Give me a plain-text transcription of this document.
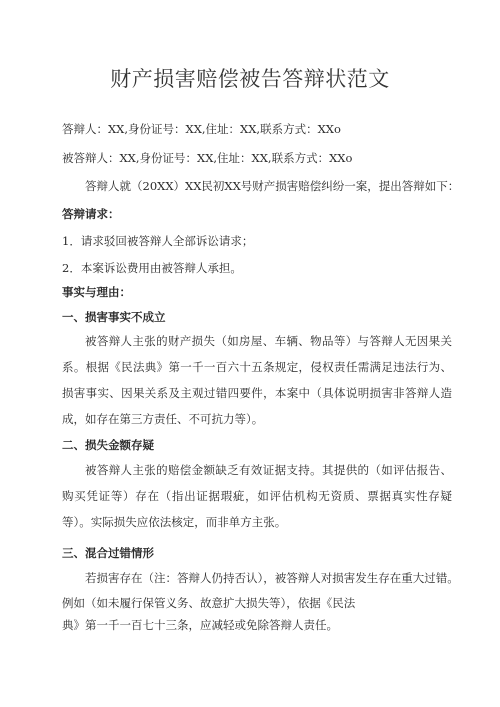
财产损害赔偿被告答辩状范文
答辩人：XX,身份证号：XX,住址：XX,联系方式：XXo
被答辩人：XX,身份证号：XX,住址：XX,联系方式：XXo
答辩人就（20XX）XX民初XX号财产损害赔偿纠纷一案，提出答辩如下：
答辩请求：
1．请求驳回被答辩人全部诉讼请求；
2．本案诉讼费用由被答辩人承担。
事实与理由：
一、损害事实不成立
被答辩人主张的财产损失（如房屋、车辆、物品等）与答辩人无因果关系。根据《民法典》第一千一百六十五条规定，侵权责任需满足违法行为、损害事实、因果关系及主观过错四要件，本案中（具体说明损害非答辩人造成，如存在第三方责任、不可抗力等）。
二、损失金额存疑
被答辩人主张的赔偿金额缺乏有效证据支持。其提供的（如评估报告、购买凭证等）存在（指出证据瑕疵，如评估机构无资质、票据真实性存疑等）。实际损失应依法核定，而非单方主张。
三、混合过错情形
若损害存在（注：答辩人仍持否认），被答辩人对损害发生存在重大过错。
例如（如未履行保管义务、故意扩大损失等），依据《民法
典》第一千一百七十三条，应减轻或免除答辩人责任。
